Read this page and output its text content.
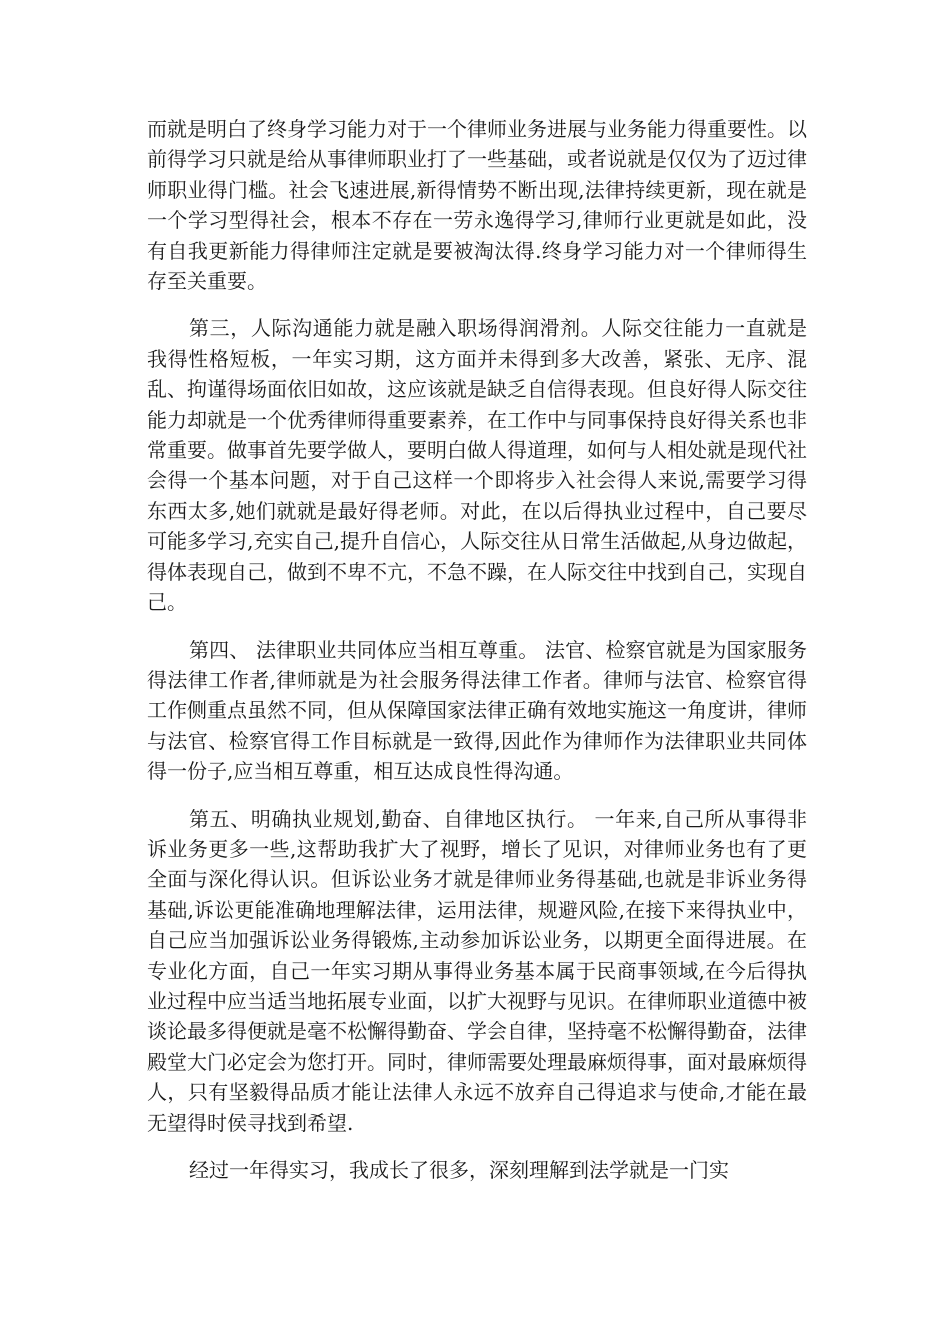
而就是明白了终身学习能力对于一个律师业务进展与业务能力得重要性。以前得学习只就是给从事律师职业打了一些基础，或者说就是仅仅为了迈过律师职业得门槛。社会飞速进展,新得情势不断出现,法律持续更新，现在就是一个学习型得社会，根本不存在一劳永逸得学习,律师行业更就是如此，没有自我更新能力得律师注定就是要被淘汰得.终身学习能力对一个律师得生存至关重要。

第三，人际沟通能力就是融入职场得润滑剂。人际交往能力一直就是我得性格短板，一年实习期，这方面并未得到多大改善，紧张、无序、混乱、拘谨得场面依旧如故，这应该就是缺乏自信得表现。但良好得人际交往能力却就是一个优秀律师得重要素养，在工作中与同事保持良好得关系也非常重要。做事首先要学做人，要明白做人得道理，如何与人相处就是现代社会得一个基本问题，对于自己这样一个即将步入社会得人来说,需要学习得东西太多,她们就就是最好得老师。对此，在以后得执业过程中，自己要尽可能多学习,充实自己,提升自信心，人际交往从日常生活做起,从身边做起，得体表现自己，做到不卑不亢，不急不躁，在人际交往中找到自己，实现自己。

第四、 法律职业共同体应当相互尊重。 法官、检察官就是为国家服务得法律工作者,律师就是为社会服务得法律工作者。律师与法官、检察官得工作侧重点虽然不同，但从保障国家法律正确有效地实施这一角度讲，律师与法官、检察官得工作目标就是一致得,因此作为律师作为法律职业共同体得一份子,应当相互尊重，相互达成良性得沟通。

第五、明确执业规划,勤奋、自律地区执行。 一年来,自己所从事得非诉业务更多一些,这帮助我扩大了视野，增长了见识，对律师业务也有了更全面与深化得认识。但诉讼业务才就是律师业务得基础,也就是非诉业务得基础,诉讼更能准确地理解法律，运用法律，规避风险,在接下来得执业中，自己应当加强诉讼业务得锻炼,主动参加诉讼业务，以期更全面得进展。在专业化方面，自己一年实习期从事得业务基本属于民商事领域,在今后得执业过程中应当适当地拓展专业面，以扩大视野与见识。在律师职业道德中被谈论最多得便就是毫不松懈得勤奋、学会自律，坚持毫不松懈得勤奋，法律殿堂大门必定会为您打开。同时，律师需要处理最麻烦得事，面对最麻烦得人，只有坚毅得品质才能让法律人永远不放弃自己得追求与使命,才能在最无望得时侯寻找到希望.

经过一年得实习，我成长了很多，深刻理解到法学就是一门实
